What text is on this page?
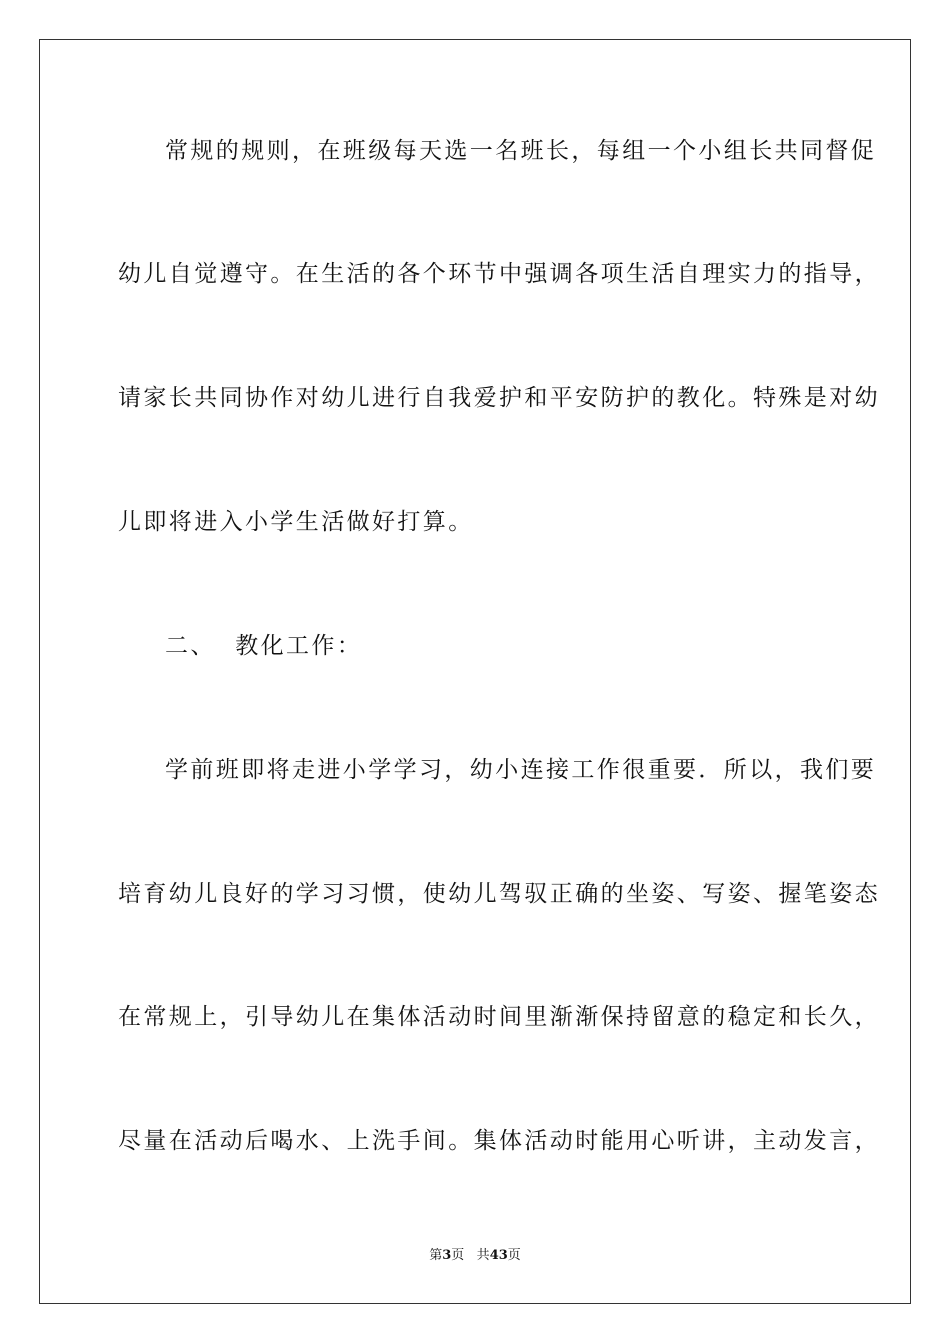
常规的规则，在班级每天选一名班长，每组一个小组长共同督促
幼儿自觉遵守。在生活的各个环节中强调各项生活自理实力的指导，
请家长共同协作对幼儿进行自我爱护和平安防护的教化。特殊是对幼
儿即将进入小学生活做好打算。
二、  教化工作：
学前班即将走进小学学习，幼小连接工作很重要．所以，我们要
培育幼儿良好的学习习惯，使幼儿驾驭正确的坐姿、写姿、握笔姿态
在常规上，引导幼儿在集体活动时间里渐渐保持留意的稳定和长久，
尽量在活动后喝水、上洗手间。集体活动时能用心听讲，主动发言，
第3页 共43页
